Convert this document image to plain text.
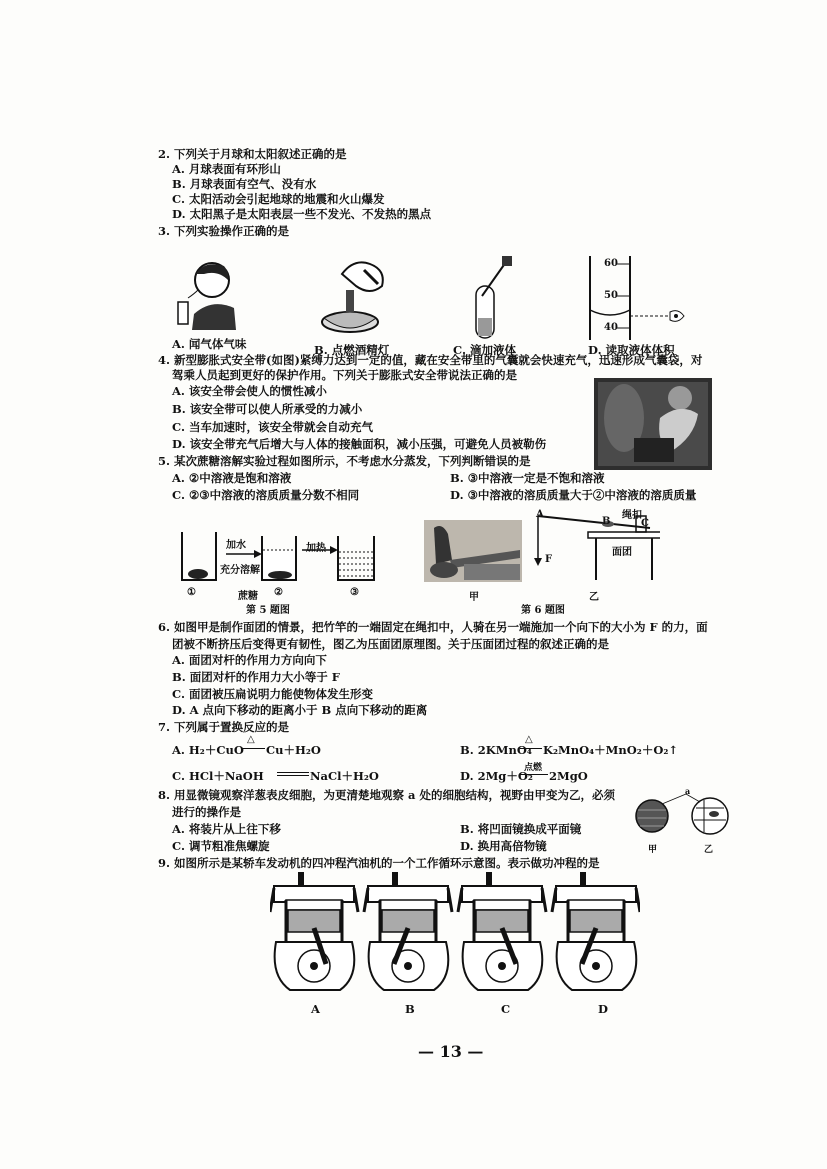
2. 下列关于月球和太阳叙述正确的是
A. 月球表面有环形山
B. 月球表面有空气、没有水
C. 太阳活动会引起地球的地震和火山爆发
D. 太阳黑子是太阳表层一些不发光、不发热的黑点
3. 下列实验操作正确的是
A. 闻气体气味	B. 点燃酒精灯	C. 滴加液体
60
50
40
D. 读取液体体积
4. 新型膨胀式安全带(如图)紧缚力达到一定的值，藏在安全带里的气囊就会快速充气，迅速形成气囊袋，对
驾乘人员起到更好的保护作用。下列关于膨胀式安全带说法正确的是
A. 该安全带会使人的惯性减小
B. 该安全带可以使人所承受的力减小
C. 当车加速时，该安全带就会自动充气
D. 该安全带充气后增大与人体的接触面积，减小压强，可避免人员被勒伤
5. 某次蔗糖溶解实验过程如图所示，不考虑水分蒸发，下列判断错误的是
A. ②中溶液是饱和溶液	B. ③中溶液一定是不饱和溶液
C. ②③中溶液的溶质质量分数不相同	D. ③中溶液的溶质质量大于②中溶液的溶质质量
加水
充分溶解
加热
①	蔗糖 ②	③
第 5 题图
甲
A
F
B	C
绳扣
面团
乙
第 6 题图
6. 如图甲是制作面团的情景，把竹竿的一端固定在绳扣中，人骑在另一端施加一个向下的大小为 F 的力，面
团被不断挤压后变得更有韧性，图乙为压面团原理图。关于压面团过程的叙述正确的是
A. 面团对杆的作用力方向向下
B. 面团对杆的作用力大小等于 F
C. 面团被压扁说明力能使物体发生形变
D. A 点向下移动的距离小于 B 点向下移动的距离
7. 下列属于置换反应的是
A. H₂＋CuO
△
Cu＋H₂O	B. 2KMnO₄
△
K₂MnO₄＋MnO₂＋O₂↑
C. HCl＋NaOH	NaCl＋H₂O	D. 2Mg＋O₂
点燃
2MgO
8. 用显微镜观察洋葱表皮细胞，为更清楚地观察 a 处的细胞结构，视野由甲变为乙，必须
进行的操作是
A. 将装片从上往下移	B. 将凹面镜换成平面镜
C. 调节粗准焦螺旋	D. 换用高倍物镜
a
甲	乙
9. 如图所示是某轿车发动机的四冲程汽油机的一个工作循环示意图。表示做功冲程的是
A	B	C	D
— 13 —
